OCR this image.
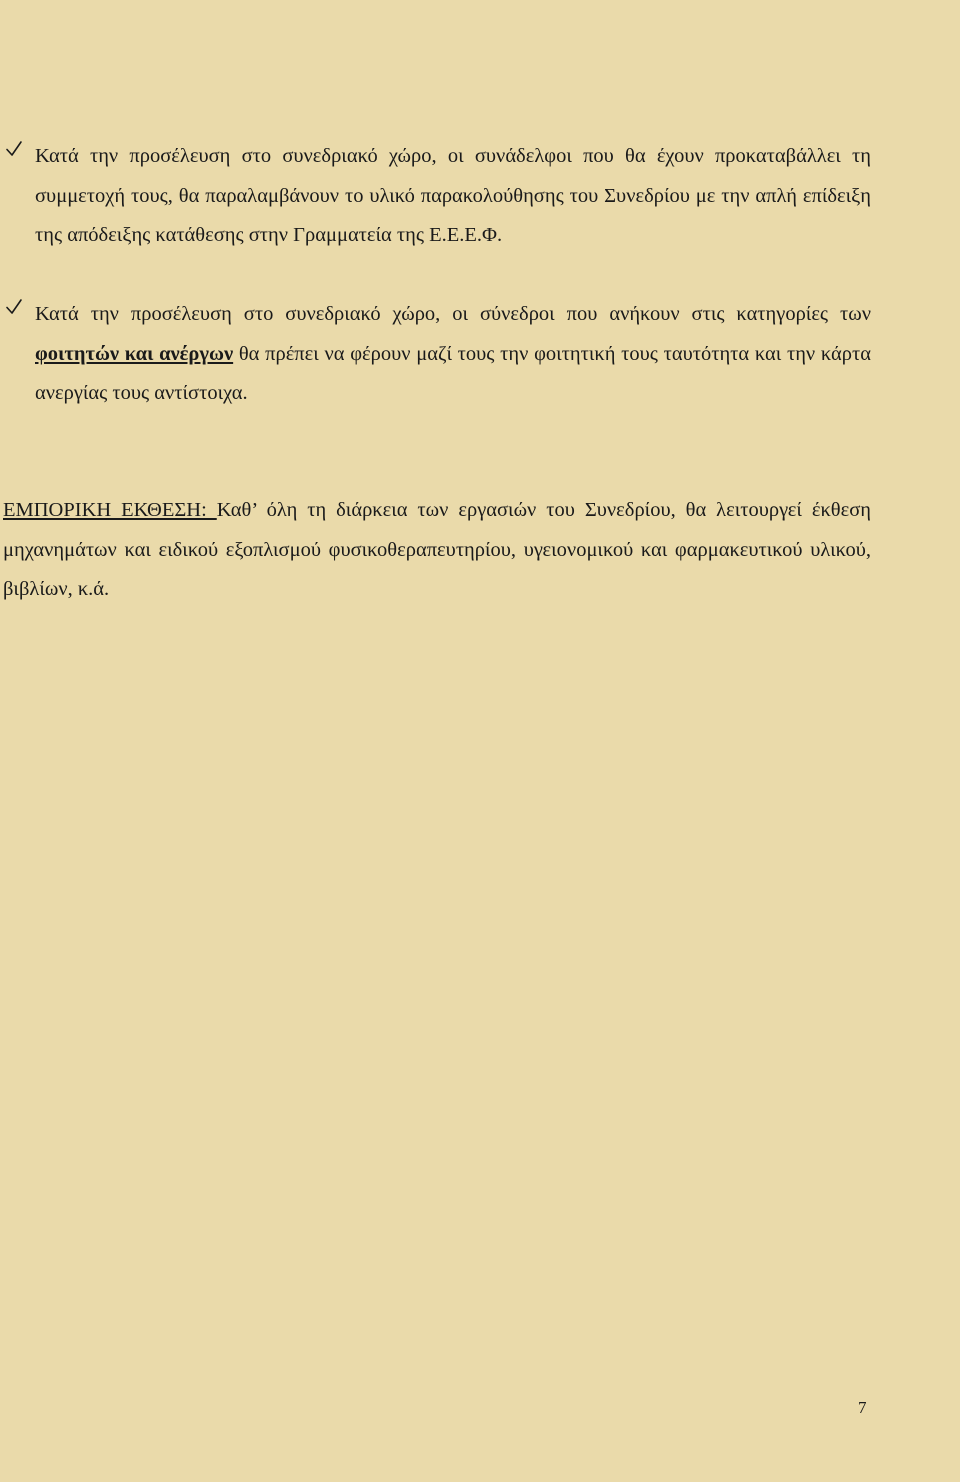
Κατά την προσέλευση στο συνεδριακό χώρο, οι συνάδελφοι που θα έχουν προκαταβάλλει τη συμμετοχή τους, θα παραλαμβάνουν το υλικό παρακολούθησης του Συνεδρίου με την απλή επίδειξη της απόδειξης κατάθεσης στην Γραμματεία της Ε.Ε.Ε.Φ.
Κατά την προσέλευση στο συνεδριακό χώρο, οι σύνεδροι που ανήκουν στις κατηγορίες των φοιτητών και ανέργων θα πρέπει να φέρουν μαζί τους την φοιτητική τους ταυτότητα και την κάρτα ανεργίας τους αντίστοιχα.
ΕΜΠΟΡΙΚΗ ΕΚΘΕΣΗ: Καθ’ όλη τη διάρκεια των εργασιών του Συνεδρίου, θα λειτουργεί έκθεση μηχανημάτων και ειδικού εξοπλισμού φυσικοθεραπευτηρίου, υγειονομικού και φαρμακευτικού υλικού, βιβλίων, κ.ά.
7
